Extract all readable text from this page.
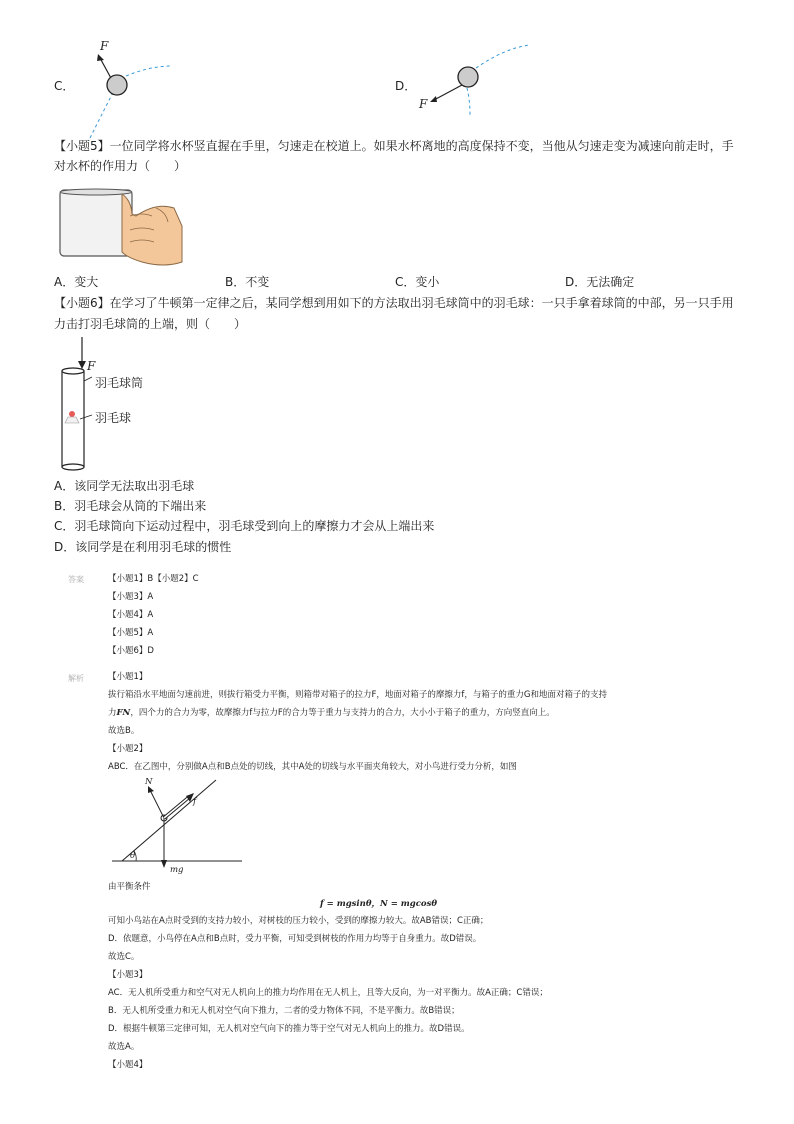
C．
F
D．
F
【小题5】一位同学将水杯竖直握在手里，匀速走在校道上。如果水杯离地的高度保持不变，当他从匀速走变为减速向前走时，手
对水杯的作用力（　　）
A．变大	B．不变	C．变小	D．无法确定
【小题6】在学习了牛顿第一定律之后，某同学想到用如下的方法取出羽毛球筒中的羽毛球：一只手拿着球筒的中部，另一只手用
力击打羽毛球筒的上端，则（　　）
F
羽毛球筒
羽毛球
A．该同学无法取出羽毛球
B．羽毛球会从筒的下端出来
C．羽毛球筒向下运动过程中，羽毛球受到向上的摩擦力才会从上端出来
D．该同学是在利用羽毛球的惯性
答案	【小题1】B【小题2】C
【小题3】A
【小题4】A
【小题5】A
【小题6】D
解析	【小题1】
拔行箱沿水平地面匀速前进，则拔行箱受力平衡，则箱带对箱子的拉力F，地面对箱子的摩擦力f，与箱子的重力G和地面对箱子的支持
力FN，四个力的合力为零，故摩擦力f与拉力F的合力等于重力与支持力的合力，大小小于箱子的重力，方向竖直向上。
故选B。
【小题2】
ABC．在乙图中，分别做A点和B点处的切线，其中A处的切线与水平面夹角较大，对小鸟进行受力分析，如图
N
f
θ
mg
由平衡条件
f = mgsinθ，N = mgcosθ
可知小鸟站在A点时受到的支持力较小，对树枝的压力较小，受到的摩擦力较大。故AB错误；C正确；
D．依题意，小鸟停在A点和B点时，受力平衡，可知受到树枝的作用力均等于自身重力。故D错误。
故选C。
【小题3】
AC．无人机所受重力和空气对无人机向上的推力均作用在无人机上，且等大反向，为一对平衡力。故A正确；C错误；
B．无人机所受重力和无人机对空气向下推力，二者的受力物体不同，不是平衡力。故B错误；
D．根据牛顿第三定律可知，无人机对空气向下的推力等于空气对无人机向上的推力。故D错误。
故选A。
【小题4】
